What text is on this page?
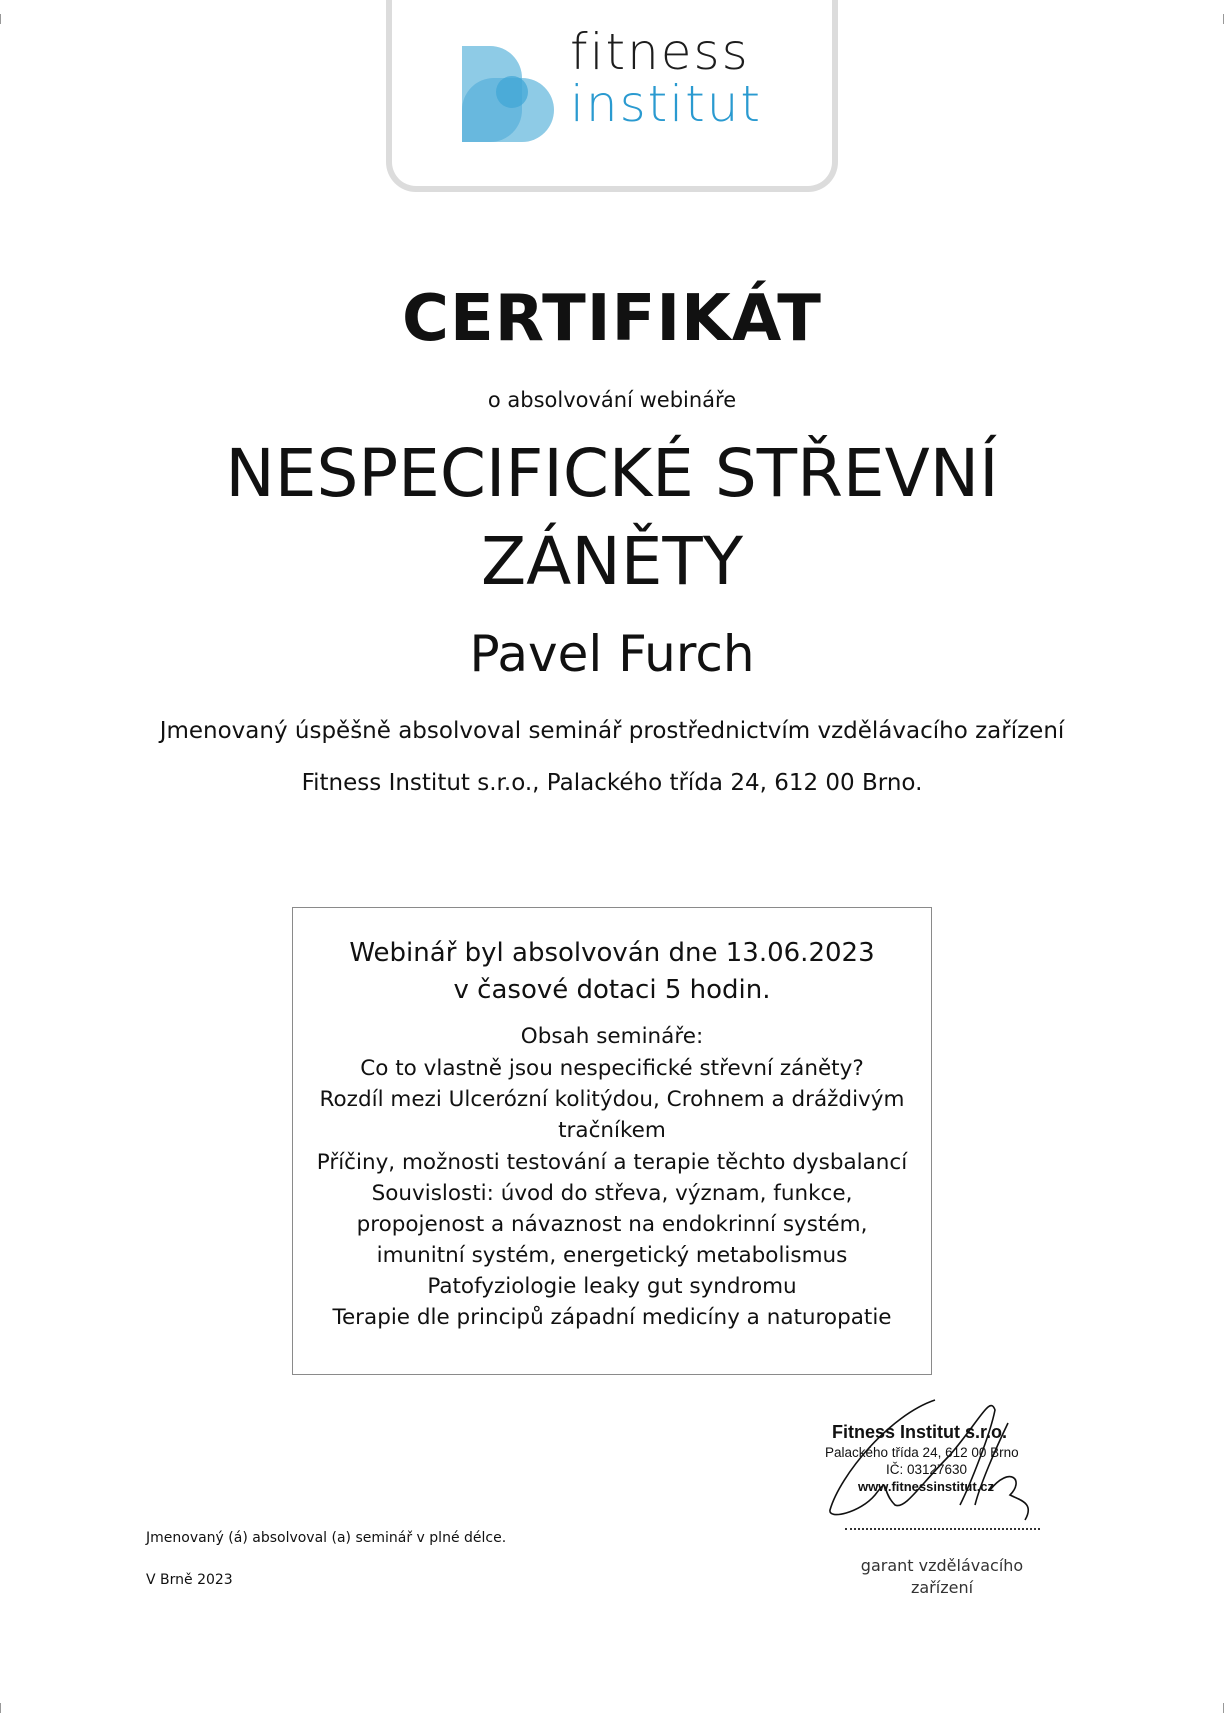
fitness
institut
CERTIFIKÁT
o absolvování webináře
NESPECIFICKÉ STŘEVNÍ
ZÁNĚTY
Pavel Furch
Jmenovaný úspěšně absolvoval seminář prostřednictvím vzdělávacího zařízení
Fitness Institut s.r.o., Palackého třída 24, 612 00 Brno.
Webinář byl absolvován dne 13.06.2023
v časové dotaci 5 hodin.
Obsah semináře:
Co to vlastně jsou nespecifické střevní záněty?
Rozdíl mezi Ulcerózní kolitýdou, Crohnem a dráždivým
tračníkem
Příčiny, možnosti testování a terapie těchto dysbalancí
Souvislosti: úvod do střeva, význam, funkce,
propojenost a návaznost na endokrinní systém,
imunitní systém, energetický metabolismus
Patofyziologie leaky gut syndromu
Terapie dle principů západní medicíny a naturopatie
Fitness Institut s.r.o.
Palackého třída 24, 612 00 Brno
IČ: 03127630
www.fitnessinstitut.cz
garant vzdělávacího
zařízení
Jmenovaný (á) absolvoval (a) seminář v plné délce.
V Brně 2023
